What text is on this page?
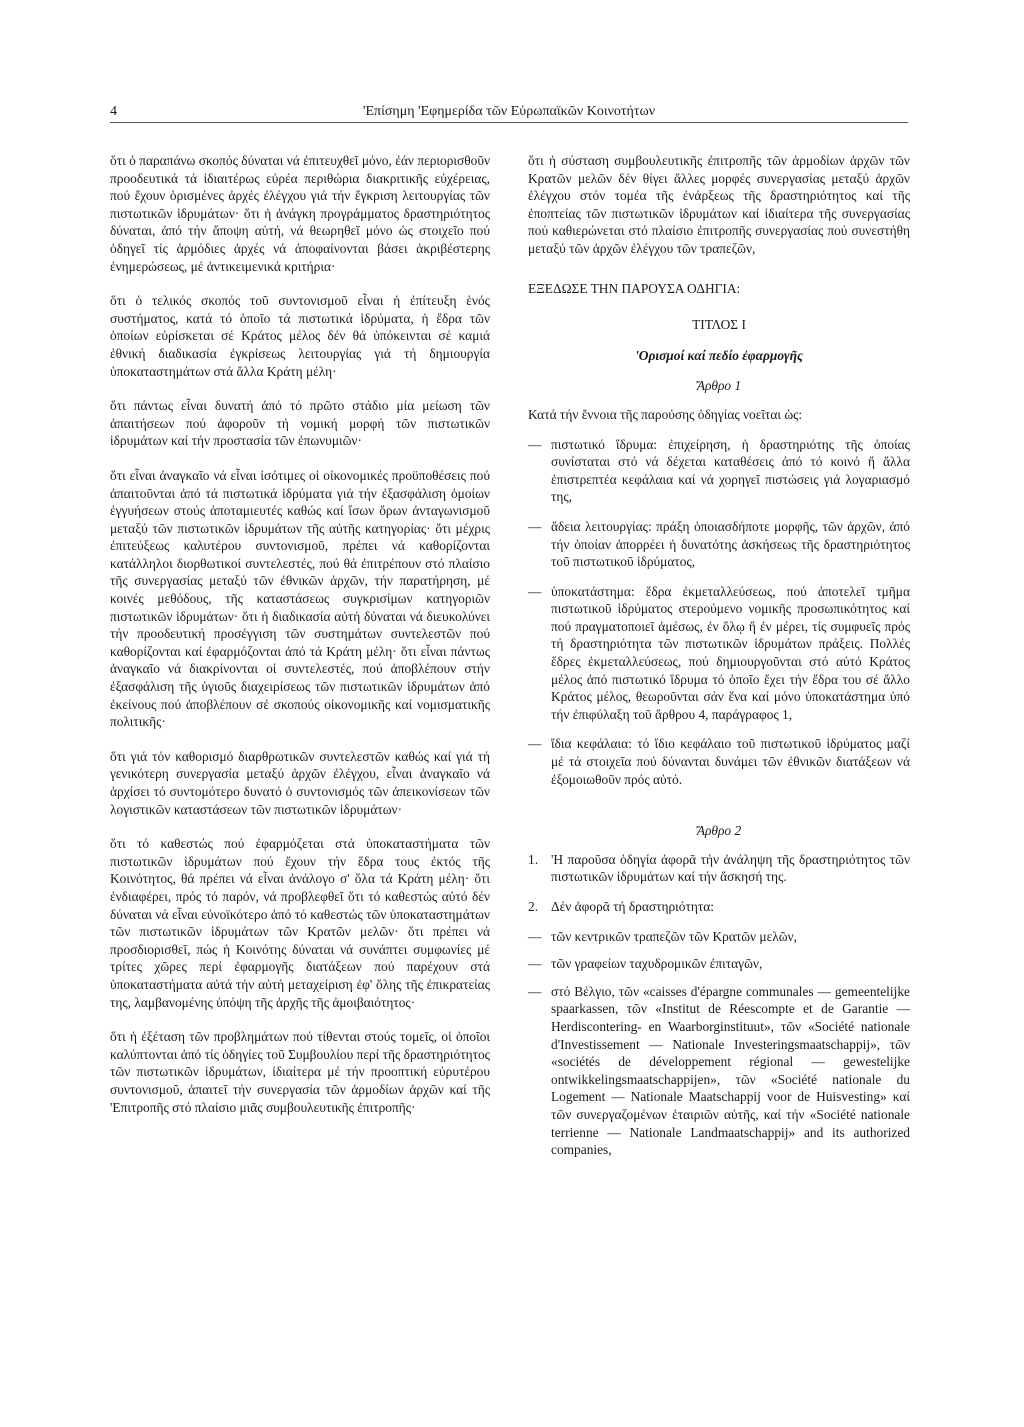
4	'Επίσημη 'Εφημερίδα τῶν Εὐρωπαϊκῶν Κοινοτήτων

ὅτι ὁ παραπάνω σκοπός δύναται νά ἐπιτευχθεῖ μόνο, ἐάν περιορισθοῦν προοδευτικά τά ἰδιαιτέρως εὐρέα περιθώρια διακριτικῆς εὐχέρειας, πού ἔχουν ὁρισμένες ἀρχές ἐλέγχου γιά τήν ἔγκριση λειτουργίας τῶν πιστωτικῶν ἱδρυμάτων· ὅτι ἡ ἀνάγκη προγράμματος δραστηριότητος δύναται, ἀπό τήν ἄποψη αὐτή, νά θεωρηθεῖ μόνο ὡς στοιχεῖο πού ὁδηγεῖ τίς ἁρμόδιες ἀρχές νά ἀποφαίνονται βάσει ἀκριβέστερης ἐνημερώσεως, μέ ἀντικειμενικά κριτήρια·

ὅτι ὁ τελικός σκοπός τοῦ συντονισμοῦ εἶναι ἡ ἐπίτευξη ἑνός συστήματος, κατά τό ὁποῖο τά πιστωτικά ἱδρύματα, ἡ ἕδρα τῶν ὁποίων εὑρίσκεται σέ Κράτος μέλος δέν θά ὑπόκεινται σέ καμιά ἐθνική διαδικασία ἐγκρίσεως λειτουργίας γιά τή δημιουργία ὑποκαταστημάτων στά ἄλλα Κράτη μέλη·

ὅτι πάντως εἶναι δυνατή ἀπό τό πρῶτο στάδιο μία μείωση τῶν ἀπαιτήσεων πού ἀφοροῦν τή νομική μορφή τῶν πιστωτικῶν ἱδρυμάτων καί τήν προστασία τῶν ἐπωνυμιῶν·

ὅτι εἶναι ἀναγκαῖο νά εἶναι ἰσότιμες οἱ οἰκονομικές προϋποθέσεις πού ἀπαιτοῦνται ἀπό τά πιστωτικά ἱδρύματα γιά τήν ἐξασφάλιση ὁμοίων ἐγγυήσεων στούς ἀποταμιευτές καθώς καί ἴσων ὅρων ἀνταγωνισμοῦ μεταξύ τῶν πιστωτικῶν ἱδρυμάτων τῆς αὐτῆς κατηγορίας· ὅτι μέχρις ἐπιτεύξεως καλυτέρου συντονισμοῦ, πρέπει νά καθορίζονται κατάλληλοι διορθωτικοί συντελεστές, πού θά ἐπιτρέπουν στό πλαίσιο τῆς συνεργασίας μεταξύ τῶν ἐθνικῶν ἀρχῶν, τήν παρατήρηση, μέ κοινές μεθόδους, τῆς καταστάσεως συγκρισίμων κατηγοριῶν πιστωτικῶν ἱδρυμάτων· ὅτι ἡ διαδικασία αὐτή δύναται νά διευκολύνει τήν προοδευτική προσέγγιση τῶν συστημάτων συντελεστῶν πού καθορίζονται καί ἐφαρμόζονται ἀπό τά Κράτη μέλη· ὅτι εἶναι πάντως ἀναγκαῖο νά διακρίνονται οἱ συντελεστές, πού ἀποβλέπουν στήν ἐξασφάλιση τῆς ὑγιοῦς διαχειρίσεως τῶν πιστωτικῶν ἱδρυμάτων ἀπό ἐκείνους πού ἀποβλέπουν σέ σκοπούς οἰκονομικῆς καί νομισματικῆς πολιτικῆς·

ὅτι γιά τόν καθορισμό διαρθρωτικῶν συντελεστῶν καθώς καί γιά τή γενικότερη συνεργασία μεταξύ ἀρχῶν ἐλέγχου, εἶναι ἀναγκαῖο νά ἀρχίσει τό συντομότερο δυνατό ὁ συντονισμός τῶν ἀπεικονίσεων τῶν λογιστικῶν καταστάσεων τῶν πιστωτικῶν ἱδρυμάτων·

ὅτι τό καθεστώς πού ἐφαρμόζεται στά ὑποκαταστήματα τῶν πιστωτικῶν ἱδρυμάτων πού ἔχουν τήν ἕδρα τους ἐκτός τῆς Κοινότητος, θά πρέπει νά εἶναι ἀνάλογο σ' ὅλα τά Κράτη μέλη· ὅτι ἐνδιαφέρει, πρός τό παρόν, νά προβλεφθεῖ ὅτι τό καθεστώς αὐτό δέν δύναται νά εἶναι εὐνοϊκότερο ἀπό τό καθεστώς τῶν ὑποκαταστημάτων τῶν πιστωτικῶν ἱδρυμάτων τῶν Κρατῶν μελῶν· ὅτι πρέπει νά προσδιορισθεῖ, πώς ἡ Κοινότης δύναται νά συνάπτει συμφωνίες μέ τρίτες χῶρες περί ἐφαρμογῆς διατάξεων πού παρέχουν στά ὑποκαταστήματα αὐτά τήν αὐτή μεταχείριση ἐφ' ὅλης τῆς ἐπικρατείας της, λαμβανομένης ὑπόψη τῆς ἀρχῆς τῆς ἀμοιβαιότητος·

ὅτι ἡ ἐξέταση τῶν προβλημάτων πού τίθενται στούς τομεῖς, οἱ ὁποῖοι καλύπτονται ἀπό τίς ὁδηγίες τοῦ Συμβουλίου περί τῆς δραστηριότητος τῶν πιστωτικῶν ἱδρυμάτων, ἰδιαίτερα μέ τήν προοπτική εὐρυτέρου συντονισμοῦ, ἀπαιτεῖ τήν συνεργασία τῶν ἁρμοδίων ἀρχῶν καί τῆς 'Επιτροπῆς στό πλαίσιο μιᾶς συμβουλευτικῆς ἐπιτροπῆς·

ὅτι ἡ σύσταση συμβουλευτικῆς ἐπιτροπῆς τῶν ἁρμοδίων ἀρχῶν τῶν Κρατῶν μελῶν δέν θίγει ἄλλες μορφές συνεργασίας μεταξύ ἀρχῶν ἐλέγχου στόν τομέα τῆς ἐνάρξεως τῆς δραστηριότητος καί τῆς ἐποπτείας τῶν πιστωτικῶν ἱδρυμάτων καί ἰδιαίτερα τῆς συνεργασίας πού καθιερώνεται στό πλαίσιο ἐπιτροπῆς συνεργασίας πού συνεστήθη μεταξύ τῶν ἀρχῶν ἐλέγχου τῶν τραπεζῶν,

ΕΞΕΔΩΣΕ ΤΗΝ ΠΑΡΟΥΣΑ ΟΔΗΓΙΑ:

ΤΙΤΛΟΣ Ι

'Ορισμοί καί πεδίο ἐφαρμογῆς

Ἄρθρο 1

Κατά τήν ἔννοια τῆς παρούσης ὁδηγίας νοεῖται ὡς:

— πιστωτικό ἵδρυμα: ἐπιχείρηση, ἡ δραστηριότης τῆς ὁποίας συνίσταται στό νά δέχεται καταθέσεις ἀπό τό κοινό ἤ ἄλλα ἐπιστρεπτέα κεφάλαια καί νά χορηγεῖ πιστώσεις γιά λογαριασμό της,
— ἄδεια λειτουργίας: πράξη ὁποιασδήποτε μορφῆς, τῶν ἀρχῶν, ἀπό τήν ὁποίαν ἀπορρέει ἡ δυνατότης ἀσκήσεως τῆς δραστηριότητος τοῦ πιστωτικοῦ ἱδρύματος,
— ὑποκατάστημα: ἕδρα ἐκμεταλλεύσεως, πού ἀποτελεῖ τμῆμα πιστωτικοῦ ἱδρύματος στερούμενο νομικῆς προσωπικότητος καί πού πραγματοποιεῖ ἀμέσως, ἐν ὅλῳ ἤ ἐν μέρει, τίς συμφυεῖς πρός τή δραστηριότητα τῶν πιστωτικῶν ἱδρυμάτων πράξεις. Πολλές ἕδρες ἐκμεταλλεύσεως, πού δημιουργοῦνται στό αὐτό Κράτος μέλος ἀπό πιστωτικό ἵδρυμα τό ὁποῖο ἔχει τήν ἕδρα του σέ ἄλλο Κράτος μέλος, θεωροῦνται σάν ἕνα καί μόνο ὑποκατάστημα ὑπό τήν ἐπιφύλαξη τοῦ ἄρθρου 4, παράγραφος 1,
— ἴδια κεφάλαια: τό ἴδιο κεφάλαιο τοῦ πιστωτικοῦ ἱδρύματος μαζί μέ τά στοιχεῖα πού δύνανται δυνάμει τῶν ἐθνικῶν διατάξεων νά ἐξομοιωθοῦν πρός αὐτό.

Ἄρθρο 2

1. 'Η παροῦσα ὁδηγία ἀφορᾶ τήν ἀνάληψη τῆς δραστηριότητος τῶν πιστωτικῶν ἱδρυμάτων καί τήν ἄσκησή της.
2. Δέν ἀφορᾶ τή δραστηριότητα:
— τῶν κεντρικῶν τραπεζῶν τῶν Κρατῶν μελῶν,
— τῶν γραφείων ταχυδρομικῶν ἐπιταγῶν,
— στό Βέλγιο, τῶν «caisses d'épargne communales — gemeentelijke spaarkassen, τῶν «Institut de Réescompte et de Garantie — Herdiscontering- en Waarborginstituut», τῶν «Société nationale d'Investissement — Nationale Investeringsmaatschappij», τῶν «sociétés de développement régional — gewestelijke ontwikkelingsmaatschappijen», τῶν «Société nationale du Logement — Nationale Maatschappij voor de Huisvesting» καί τῶν συνεργαζομένων ἑταιριῶν αὐτῆς, καί τήν «Société nationale terrienne — Nationale Landmaatschappij» and its authorized companies,
